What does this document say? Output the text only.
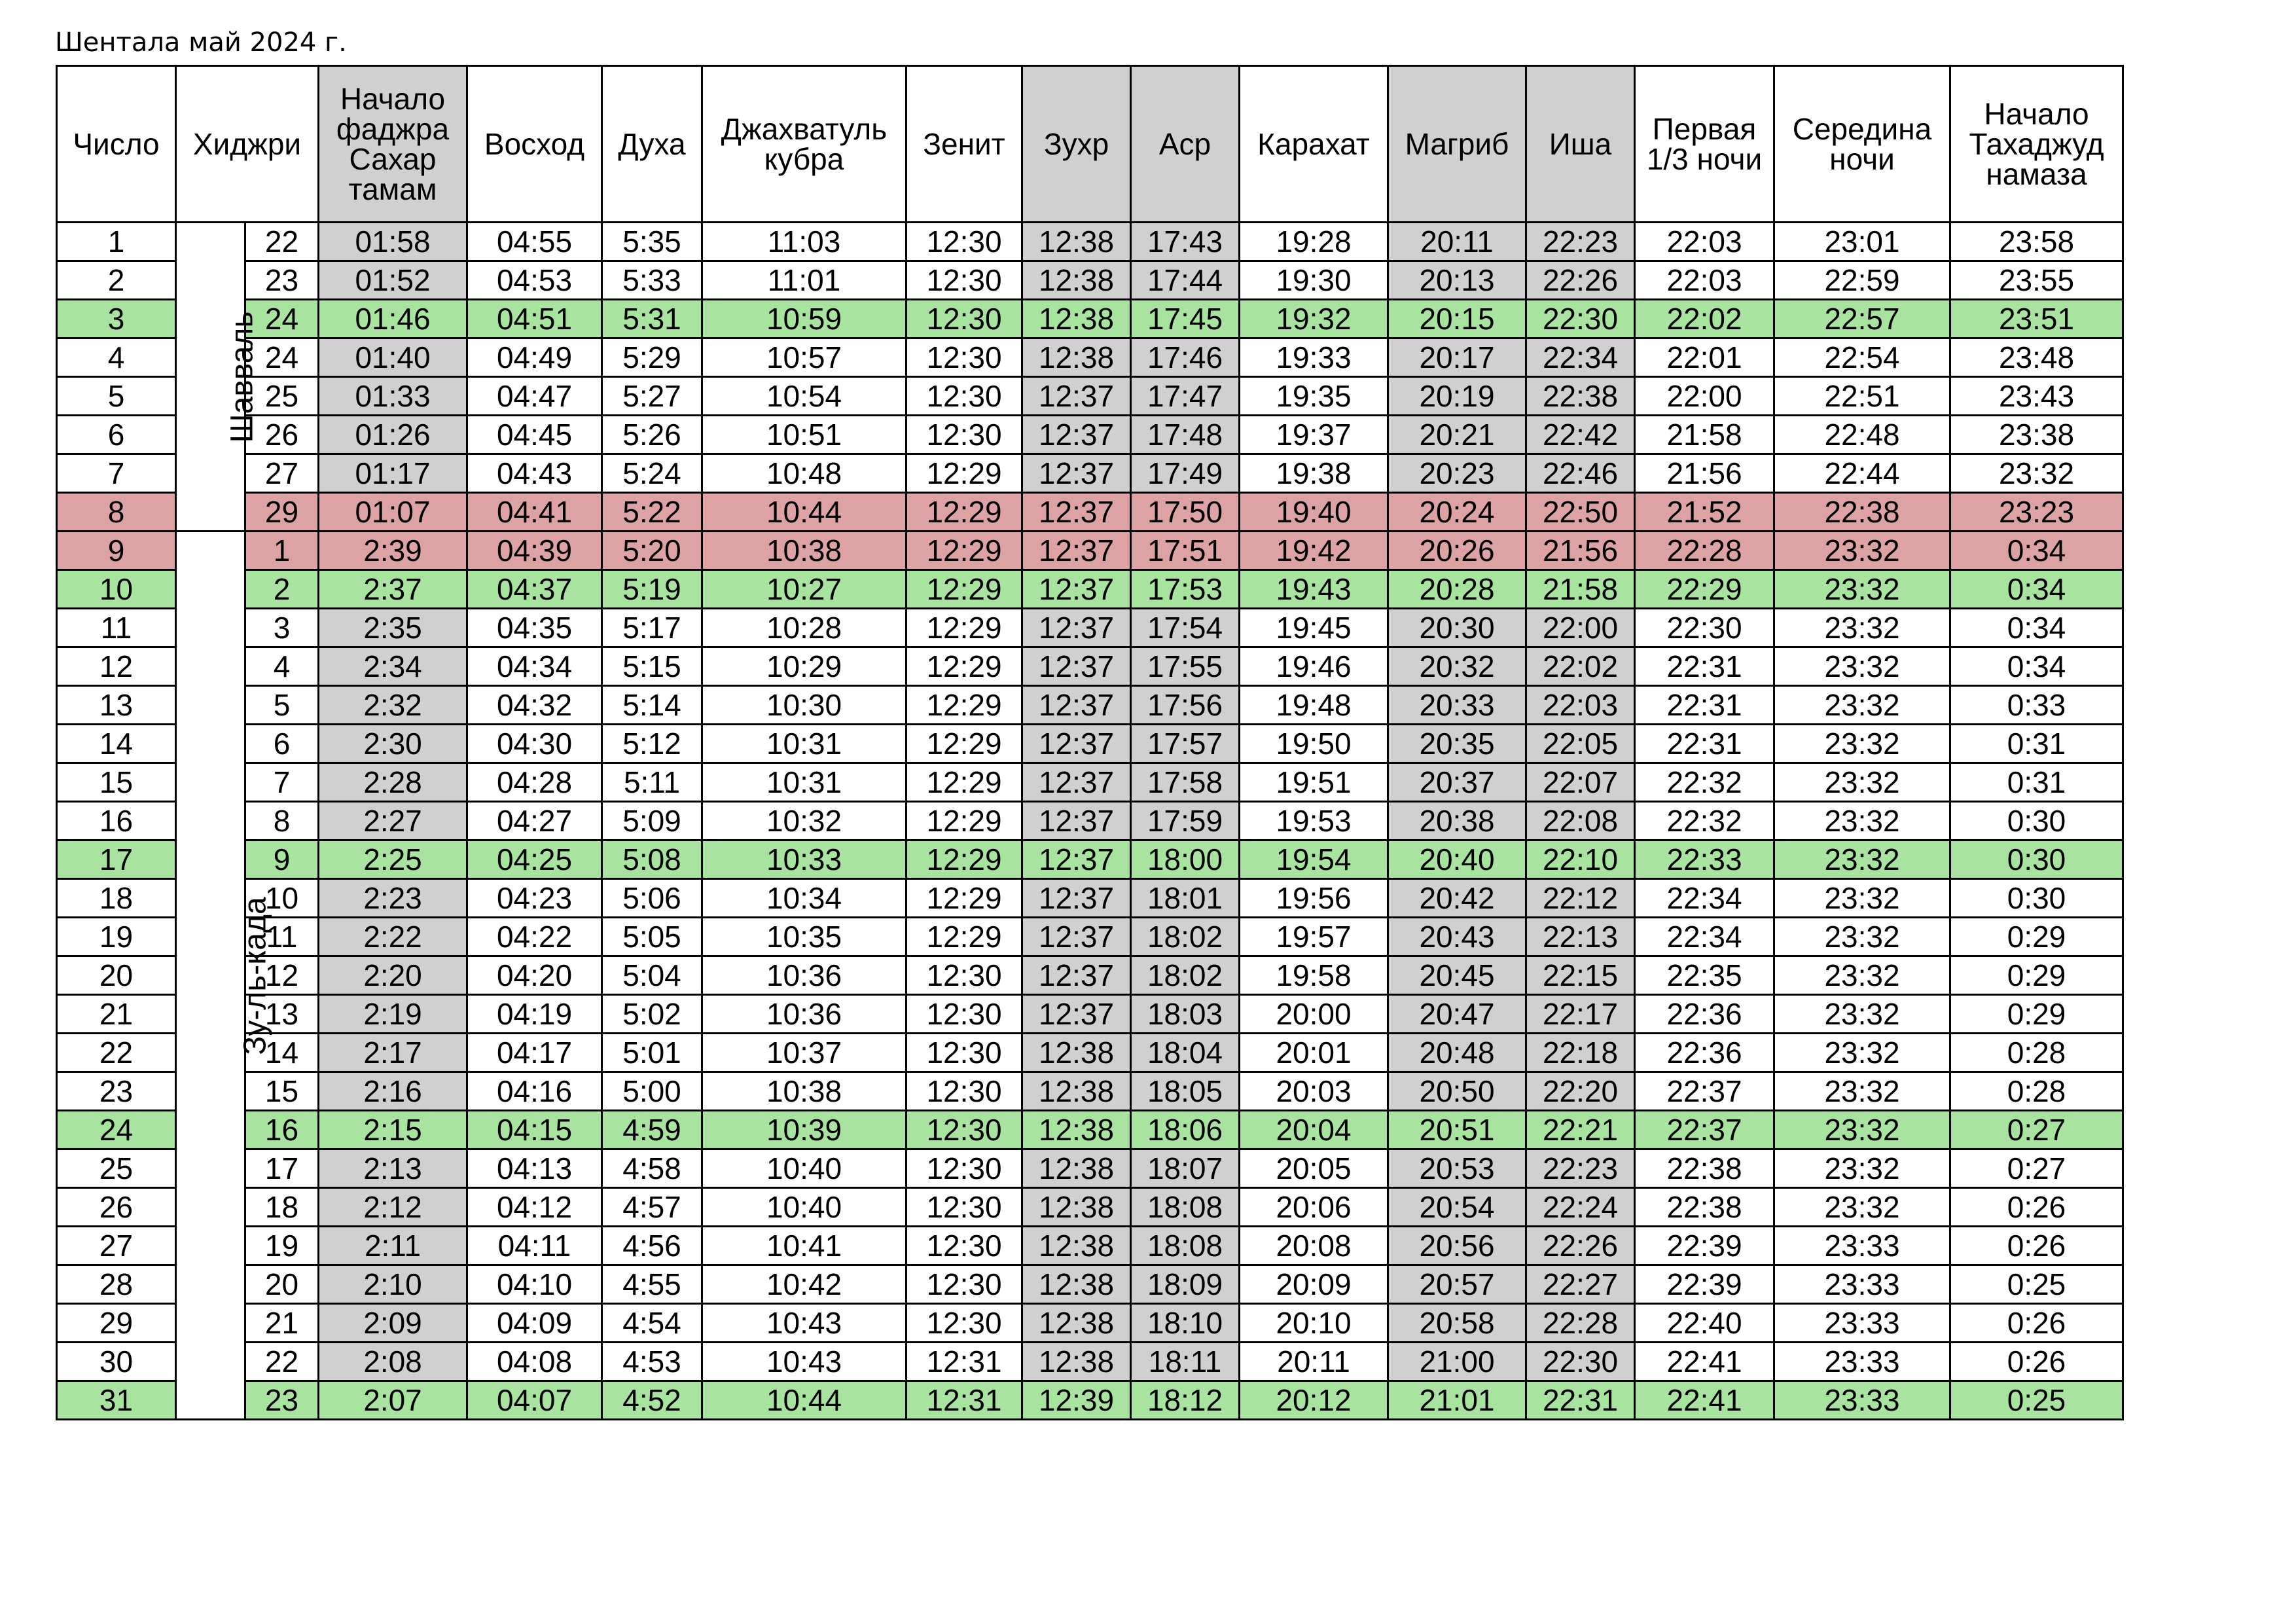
Шентала май 2024 г.
Число	Хиджри		Начало фаджра Сахар тамам	Восход	Духа	Джахватуль кубра	Зенит	Зухр	Аср	Карахат	Магриб	Иша	Первая 1/3 ночи	Середина ночи	Начало Тахаджуд намаза
1	Шавваль	22	01:58	04:55	5:35	11:03	12:30	12:38	17:43	19:28	20:11	22:23	22:03	23:01	23:58
2		23	01:52	04:53	5:33	11:01	12:30	12:38	17:44	19:30	20:13	22:26	22:03	22:59	23:55
3		24	01:46	04:51	5:31	10:59	12:30	12:38	17:45	19:32	20:15	22:30	22:02	22:57	23:51
4		24	01:40	04:49	5:29	10:57	12:30	12:38	17:46	19:33	20:17	22:34	22:01	22:54	23:48
5		25	01:33	04:47	5:27	10:54	12:30	12:37	17:47	19:35	20:19	22:38	22:00	22:51	23:43
6		26	01:26	04:45	5:26	10:51	12:30	12:37	17:48	19:37	20:21	22:42	21:58	22:48	23:38
7		27	01:17	04:43	5:24	10:48	12:29	12:37	17:49	19:38	20:23	22:46	21:56	22:44	23:32
8		29	01:07	04:41	5:22	10:44	12:29	12:37	17:50	19:40	20:24	22:50	21:52	22:38	23:23
9	Зу-ль-када	1	2:39	04:39	5:20	10:38	12:29	12:37	17:51	19:42	20:26	21:56	22:28	23:32	0:34
10		2	2:37	04:37	5:19	10:27	12:29	12:37	17:53	19:43	20:28	21:58	22:29	23:32	0:34
11		3	2:35	04:35	5:17	10:28	12:29	12:37	17:54	19:45	20:30	22:00	22:30	23:32	0:34
12		4	2:34	04:34	5:15	10:29	12:29	12:37	17:55	19:46	20:32	22:02	22:31	23:32	0:34
13		5	2:32	04:32	5:14	10:30	12:29	12:37	17:56	19:48	20:33	22:03	22:31	23:32	0:33
14		6	2:30	04:30	5:12	10:31	12:29	12:37	17:57	19:50	20:35	22:05	22:31	23:32	0:31
15		7	2:28	04:28	5:11	10:31	12:29	12:37	17:58	19:51	20:37	22:07	22:32	23:32	0:31
16		8	2:27	04:27	5:09	10:32	12:29	12:37	17:59	19:53	20:38	22:08	22:32	23:32	0:30
17		9	2:25	04:25	5:08	10:33	12:29	12:37	18:00	19:54	20:40	22:10	22:33	23:32	0:30
18		10	2:23	04:23	5:06	10:34	12:29	12:37	18:01	19:56	20:42	22:12	22:34	23:32	0:30
19		11	2:22	04:22	5:05	10:35	12:29	12:37	18:02	19:57	20:43	22:13	22:34	23:32	0:29
20		12	2:20	04:20	5:04	10:36	12:30	12:37	18:02	19:58	20:45	22:15	22:35	23:32	0:29
21		13	2:19	04:19	5:02	10:36	12:30	12:37	18:03	20:00	20:47	22:17	22:36	23:32	0:29
22		14	2:17	04:17	5:01	10:37	12:30	12:38	18:04	20:01	20:48	22:18	22:36	23:32	0:28
23		15	2:16	04:16	5:00	10:38	12:30	12:38	18:05	20:03	20:50	22:20	22:37	23:32	0:28
24		16	2:15	04:15	4:59	10:39	12:30	12:38	18:06	20:04	20:51	22:21	22:37	23:32	0:27
25		17	2:13	04:13	4:58	10:40	12:30	12:38	18:07	20:05	20:53	22:23	22:38	23:32	0:27
26		18	2:12	04:12	4:57	10:40	12:30	12:38	18:08	20:06	20:54	22:24	22:38	23:32	0:26
27		19	2:11	04:11	4:56	10:41	12:30	12:38	18:08	20:08	20:56	22:26	22:39	23:33	0:26
28		20	2:10	04:10	4:55	10:42	12:30	12:38	18:09	20:09	20:57	22:27	22:39	23:33	0:25
29		21	2:09	04:09	4:54	10:43	12:30	12:38	18:10	20:10	20:58	22:28	22:40	23:33	0:26
30		22	2:08	04:08	4:53	10:43	12:31	12:38	18:11	20:11	21:00	22:30	22:41	23:33	0:26
31		23	2:07	04:07	4:52	10:44	12:31	12:39	18:12	20:12	21:01	22:31	22:41	23:33	0:25
